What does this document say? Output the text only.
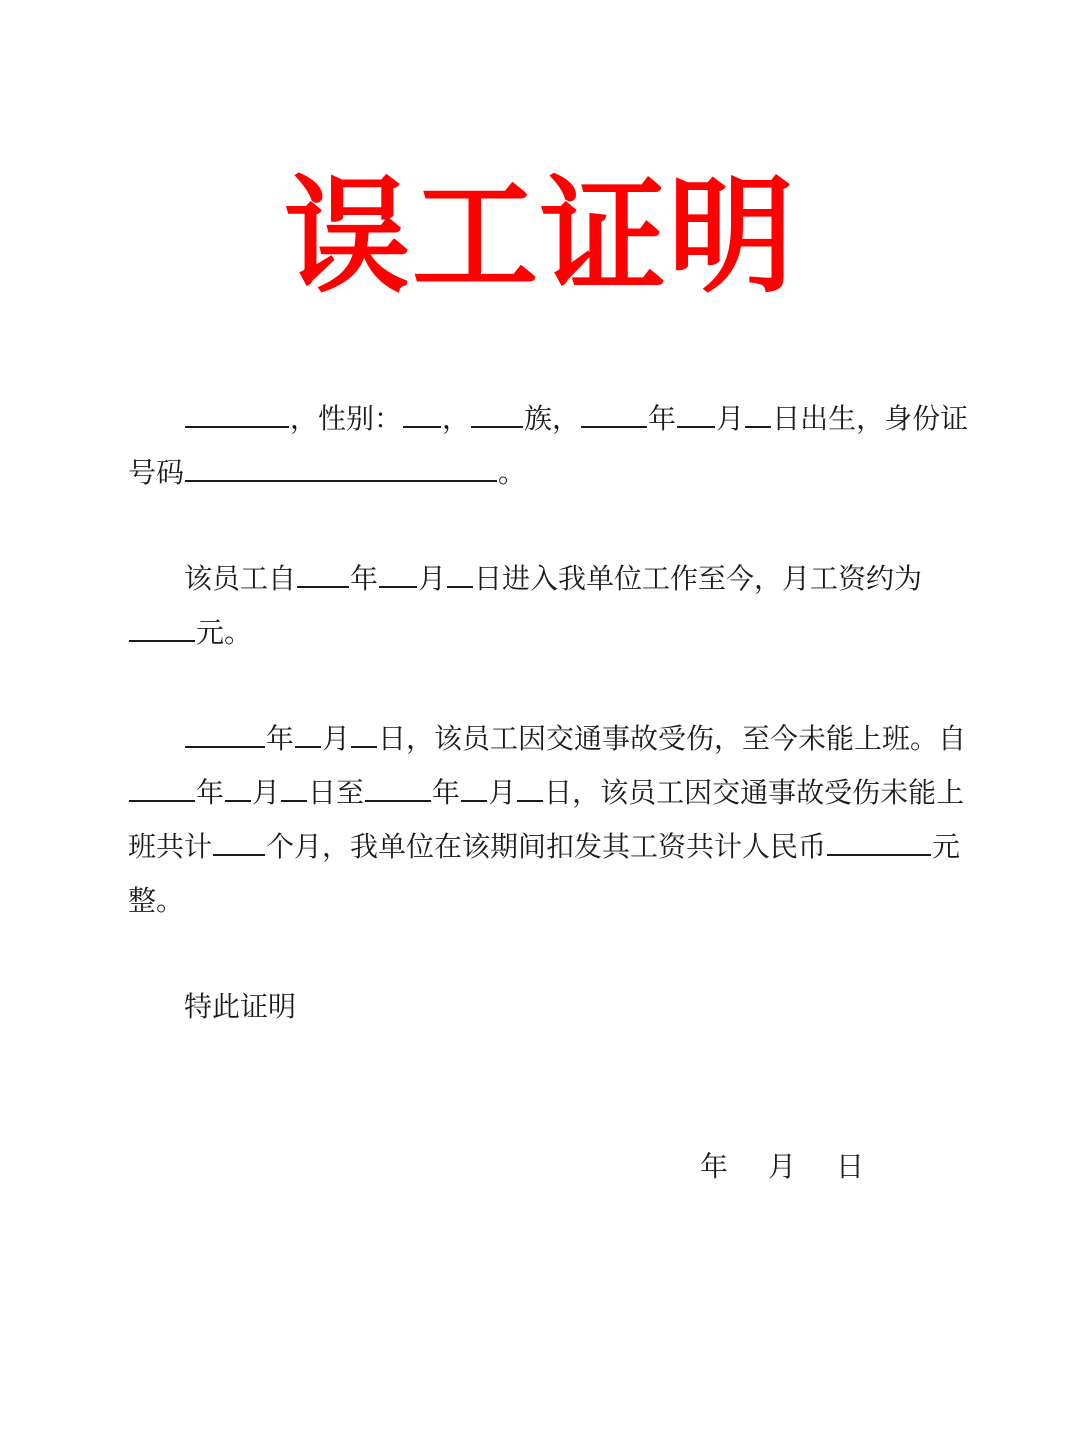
误工证明
，性别： ， 族， 年 月 日出生，身份证
号码	。
该员工自 年 月 日进入我单位工作至今，月工资约为
元。
年 月 日，该员工因交通事故受伤，至今未能上班。自
年 月 日至 年 月 日，该员工因交通事故受伤未能上
班共计 个月，我单位在该期间扣发其工资共计人民币	元
整。
特此证明
年 月 日
